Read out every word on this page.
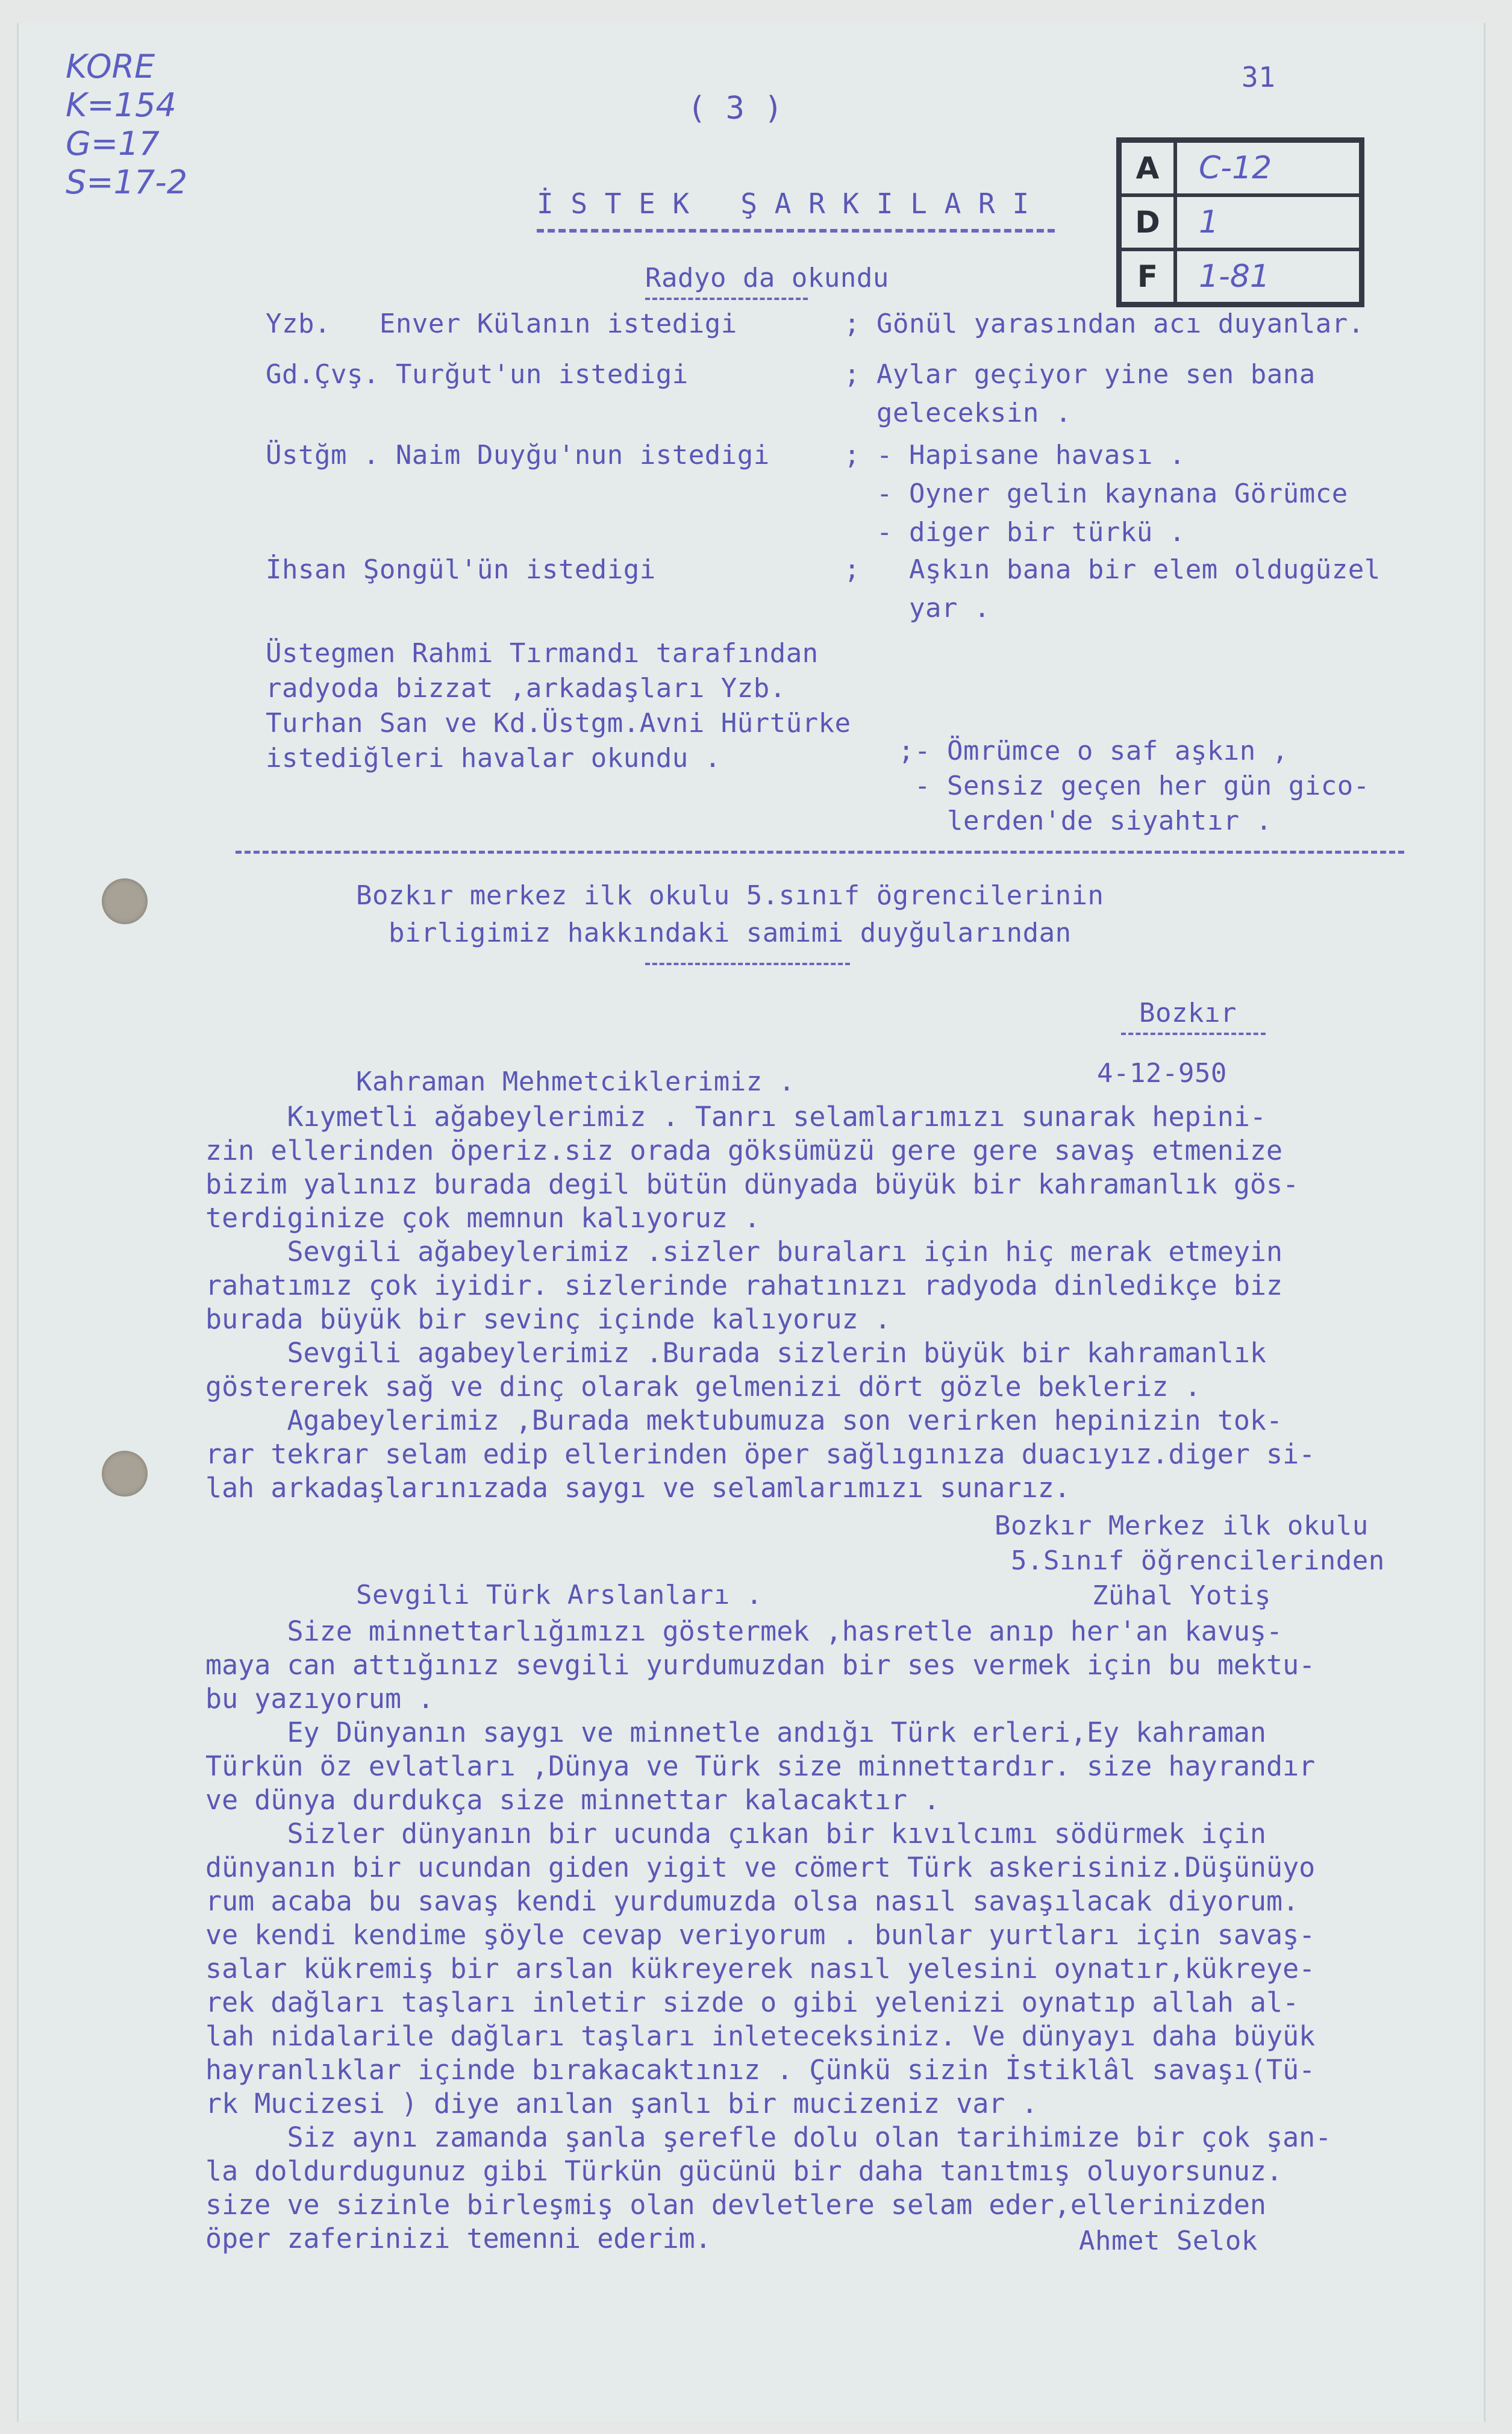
KORE
K=154
G=17
S=17-2
( 3 )
31
A	C-12
D	1
F	1-81
İ S T E K   Ş A R K I L A R I
Radyo da okundu
Yzb.   Enver Külanın istedigi	; Gönül yarasından acı duyanlar.
Gd.Çvş. Turğut'un istedigi	; Aylar geçiyor yine sen bana
geleceksin .
Üstğm . Naim Duyğu'nun istedigi	; - Hapisane havası .
- Oyner gelin kaynana Görümce
- diger bir türkü .
İhsan Şongül'ün istedigi	;   Aşkın bana bir elem oldugüzel
yar .
Üstegmen Rahmi Tırmandı tarafından
radyoda bizzat ,arkadaşları Yzb.
Turhan San ve Kd.Üstgm.Avni Hürtürke
istediğleri havalar okundu .	;- Ömrümce o saf aşkın ,
- Sensiz geçen her gün gico-
lerden'de siyahtır .
Bozkır merkez ilk okulu 5.sınıf ögrencilerinin
birligimiz hakkındaki samimi duyğularından
Bozkır
4-12-950
Kahraman Mehmetciklerimiz .
Kıymetli ağabeylerimiz . Tanrı selamlarımızı sunarak hepini-
zin ellerinden öperiz.siz orada göksümüzü gere gere savaş etmenize
bizim yalınız burada degil bütün dünyada büyük bir kahramanlık gös-
terdiginize çok memnun kalıyoruz .
Sevgili ağabeylerimiz .sizler buraları için hiç merak etmeyin
rahatımız çok iyidir. sizlerinde rahatınızı radyoda dinledikçe biz
burada büyük bir sevinç içinde kalıyoruz .
Sevgili agabeylerimiz .Burada sizlerin büyük bir kahramanlık
göstererek sağ ve dinç olarak gelmenizi dört gözle bekleriz .
Agabeylerimiz ,Burada mektubumuza son verirken hepinizin tok-
rar tekrar selam edip ellerinden öper sağlıgınıza duacıyız.diger si-
lah arkadaşlarınızada saygı ve selamlarımızı sunarız.
Bozkır Merkez ilk okulu
5.Sınıf öğrencilerinden
Zühal Yotiş
Sevgili Türk Arslanları .
Size minnettarlığımızı göstermek ,hasretle anıp her'an kavuş-
maya can attığınız sevgili yurdumuzdan bir ses vermek için bu mektu-
bu yazıyorum .
Ey Dünyanın saygı ve minnetle andığı Türk erleri,Ey kahraman
Türkün öz evlatları ,Dünya ve Türk size minnettardır. size hayrandır
ve dünya durdukça size minnettar kalacaktır .
Sizler dünyanın bir ucunda çıkan bir kıvılcımı södürmek için
dünyanın bir ucundan giden yigit ve cömert Türk askerisiniz.Düşünüyo
rum acaba bu savaş kendi yurdumuzda olsa nasıl savaşılacak diyorum.
ve kendi kendime şöyle cevap veriyorum . bunlar yurtları için savaş-
salar kükremiş bir arslan kükreyerek nasıl yelesini oynatır,kükreye-
rek dağları taşları inletir sizde o gibi yelenizi oynatıp allah al-
lah nidalarile dağları taşları inleteceksiniz. Ve dünyayı daha büyük
hayranlıklar içinde bırakacaktınız . Çünkü sizin İstiklâl savaşı(Tü-
rk Mucizesi ) diye anılan şanlı bir mucizeniz var .
Siz aynı zamanda şanla şerefle dolu olan tarihimize bir çok şan-
la doldurdugunuz gibi Türkün gücünü bir daha tanıtmış oluyorsunuz.
size ve sizinle birleşmiş olan devletlere selam eder,ellerinizden
öper zaferinizi temenni ederim.	Ahmet Selok
